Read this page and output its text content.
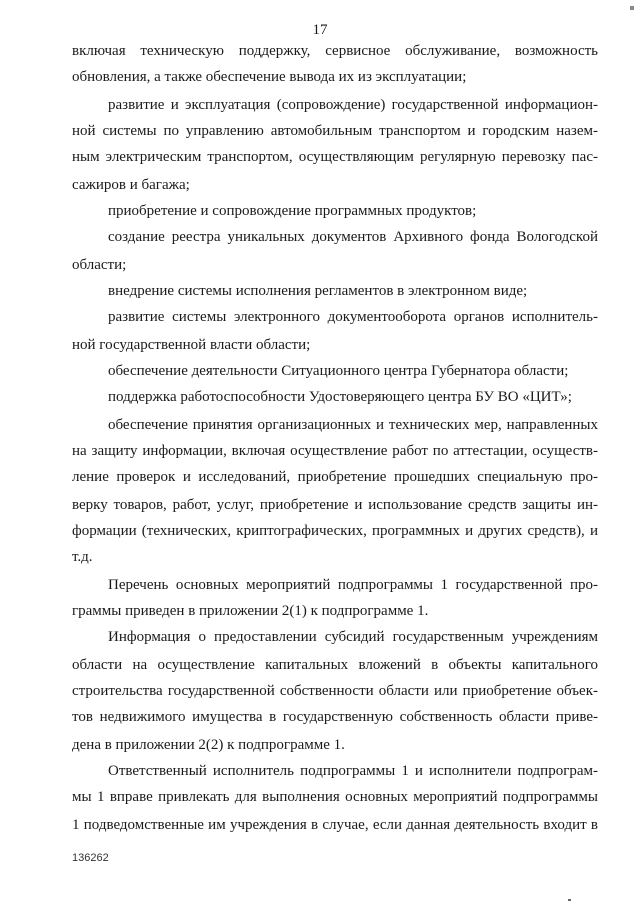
17
включая техническую поддержку, сервисное обслуживание, возможность
обновления, а также обеспечение вывода их из эксплуатации;
развитие и эксплуатация (сопровождение) государственной информацион-
ной системы по управлению автомобильным транспортом и городским назем-
ным электрическим транспортом, осуществляющим регулярную перевозку пас-
сажиров и багажа;
приобретение и сопровождение программных продуктов;
создание реестра уникальных документов Архивного фонда Вологодской
области;
внедрение системы исполнения регламентов в электронном виде;
развитие системы электронного документооборота органов исполнитель-
ной государственной власти области;
обеспечение деятельности Ситуационного центра Губернатора области;
поддержка работоспособности Удостоверяющего центра БУ ВО «ЦИТ»;
обеспечение принятия организационных и технических мер, направленных
на защиту информации, включая осуществление работ по аттестации, осуществ-
ление проверок и исследований, приобретение прошедших специальную про-
верку товаров, работ, услуг, приобретение и использование средств защиты ин-
формации (технических, криптографических, программных и других средств), и
т.д.
Перечень основных мероприятий подпрограммы 1 государственной про-
граммы приведен в приложении 2(1) к подпрограмме 1.
Информация о предоставлении субсидий государственным учреждениям
области на осуществление капитальных вложений в объекты капитального
строительства государственной собственности области или приобретение объек-
тов недвижимого имущества в государственную собственность области приве-
дена в приложении 2(2) к подпрограмме 1.
Ответственный исполнитель подпрограммы 1 и исполнители подпрограм-
мы 1 вправе привлекать для выполнения основных мероприятий подпрограммы
1 подведомственные им учреждения в случае, если данная деятельность входит в
136262
